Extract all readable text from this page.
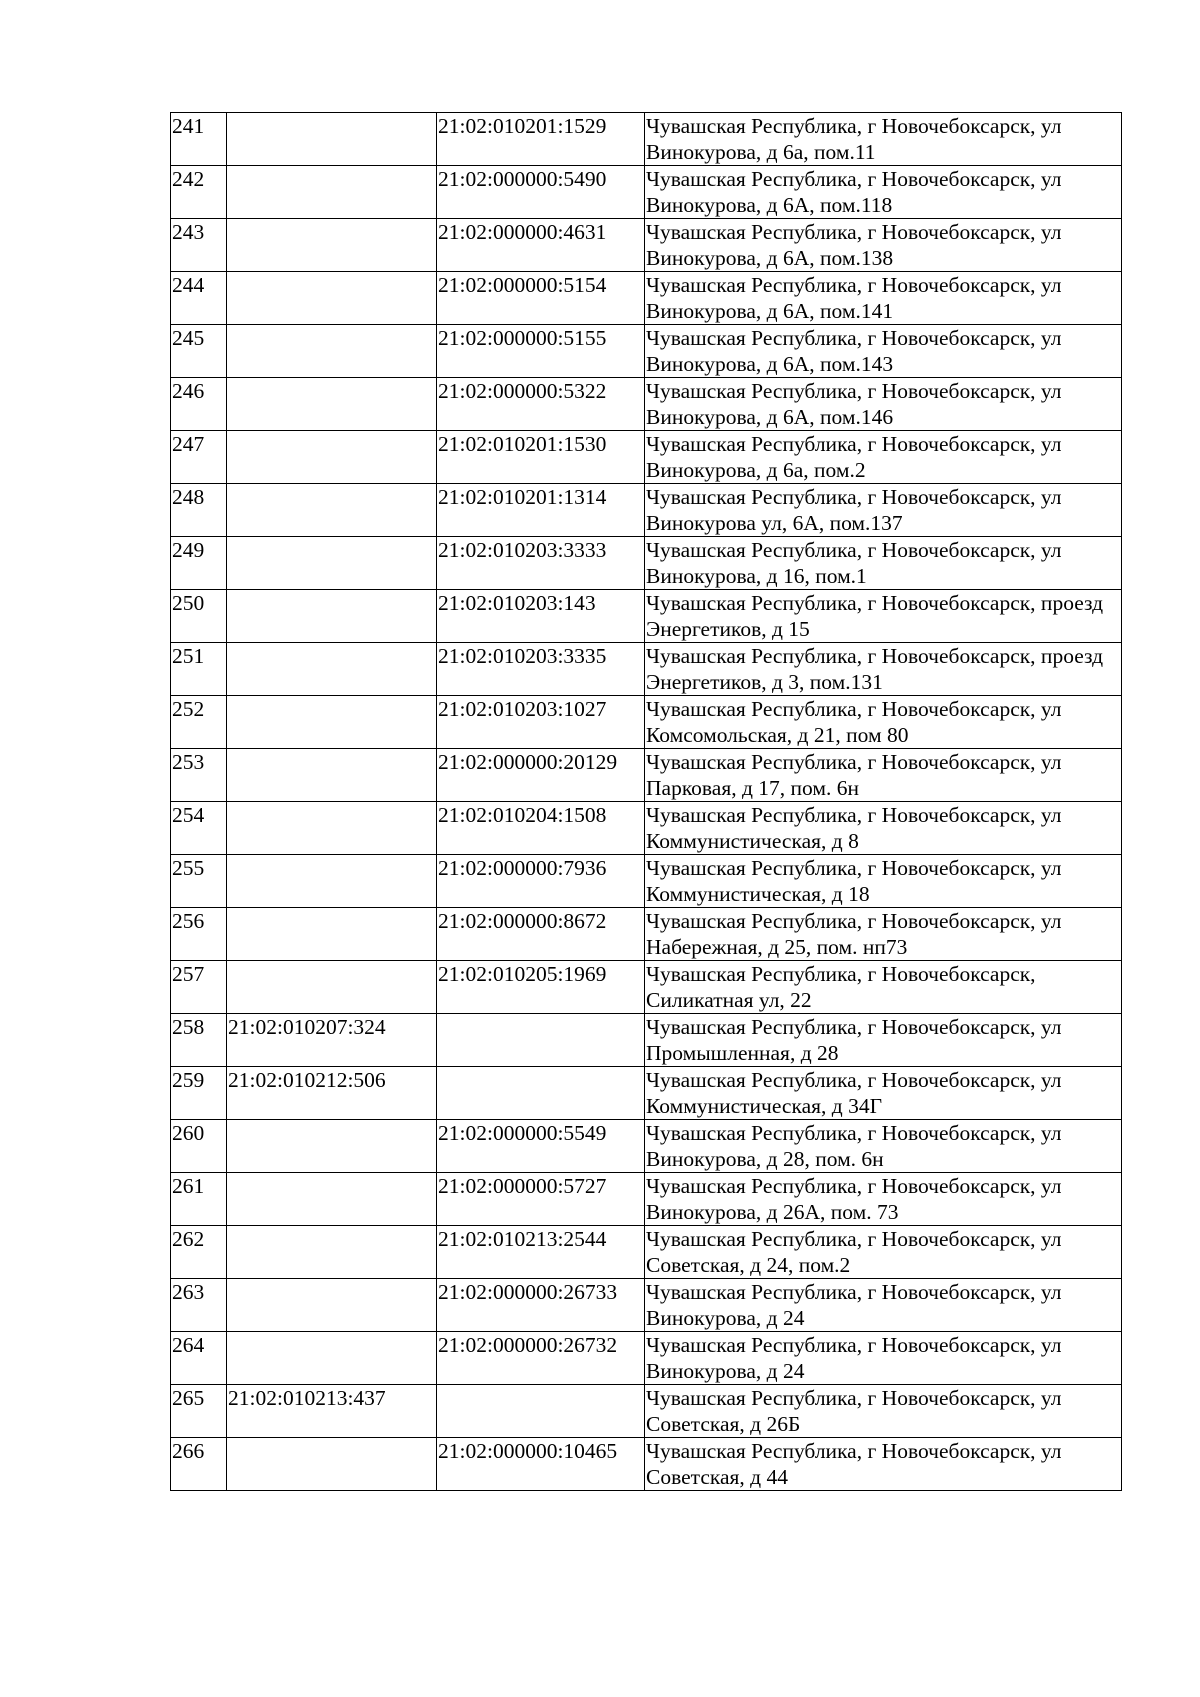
241		21:02:010201:1529	Чувашская Республика, г Новочебоксарск, ул Винокурова, д 6а, пом.11
242		21:02:000000:5490	Чувашская Республика, г Новочебоксарск, ул Винокурова, д 6А, пом.118
243		21:02:000000:4631	Чувашская Республика, г Новочебоксарск, ул Винокурова, д 6А, пом.138
244		21:02:000000:5154	Чувашская Республика, г Новочебоксарск, ул Винокурова, д 6А, пом.141
245		21:02:000000:5155	Чувашская Республика, г Новочебоксарск, ул Винокурова, д 6А, пом.143
246		21:02:000000:5322	Чувашская Республика, г Новочебоксарск, ул Винокурова, д 6А, пом.146
247		21:02:010201:1530	Чувашская Республика, г Новочебоксарск, ул Винокурова, д 6а, пом.2
248		21:02:010201:1314	Чувашская Республика, г Новочебоксарск, ул Винокурова ул, 6А, пом.137
249		21:02:010203:3333	Чувашская Республика, г Новочебоксарск, ул Винокурова, д 16, пом.1
250		21:02:010203:143	Чувашская Республика, г Новочебоксарск, проезд Энергетиков, д 15
251		21:02:010203:3335	Чувашская Республика, г Новочебоксарск, проезд Энергетиков, д 3, пом.131
252		21:02:010203:1027	Чувашская Республика, г Новочебоксарск, ул Комсомольская, д 21, пом 80
253		21:02:000000:20129	Чувашская Республика, г Новочебоксарск, ул Парковая, д 17, пом. 6н
254		21:02:010204:1508	Чувашская Республика, г Новочебоксарск, ул Коммунистическая, д 8
255		21:02:000000:7936	Чувашская Республика, г Новочебоксарск, ул Коммунистическая, д 18
256		21:02:000000:8672	Чувашская Республика, г Новочебоксарск, ул Набережная, д 25, пом. нп73
257		21:02:010205:1969	Чувашская Республика, г Новочебоксарск, Силикатная ул, 22
258	21:02:010207:324		Чувашская Республика, г Новочебоксарск, ул Промышленная, д 28
259	21:02:010212:506		Чувашская Республика, г Новочебоксарск, ул Коммунистическая, д 34Г
260		21:02:000000:5549	Чувашская Республика, г Новочебоксарск, ул Винокурова, д 28, пом. 6н
261		21:02:000000:5727	Чувашская Республика, г Новочебоксарск, ул Винокурова, д 26А, пом. 73
262		21:02:010213:2544	Чувашская Республика, г Новочебоксарск, ул Советская, д 24, пом.2
263		21:02:000000:26733	Чувашская Республика, г Новочебоксарск, ул Винокурова, д 24
264		21:02:000000:26732	Чувашская Республика, г Новочебоксарск, ул Винокурова, д 24
265	21:02:010213:437		Чувашская Республика, г Новочебоксарск, ул Советская, д 26Б
266		21:02:000000:10465	Чувашская Республика, г Новочебоксарск, ул Советская, д 44
